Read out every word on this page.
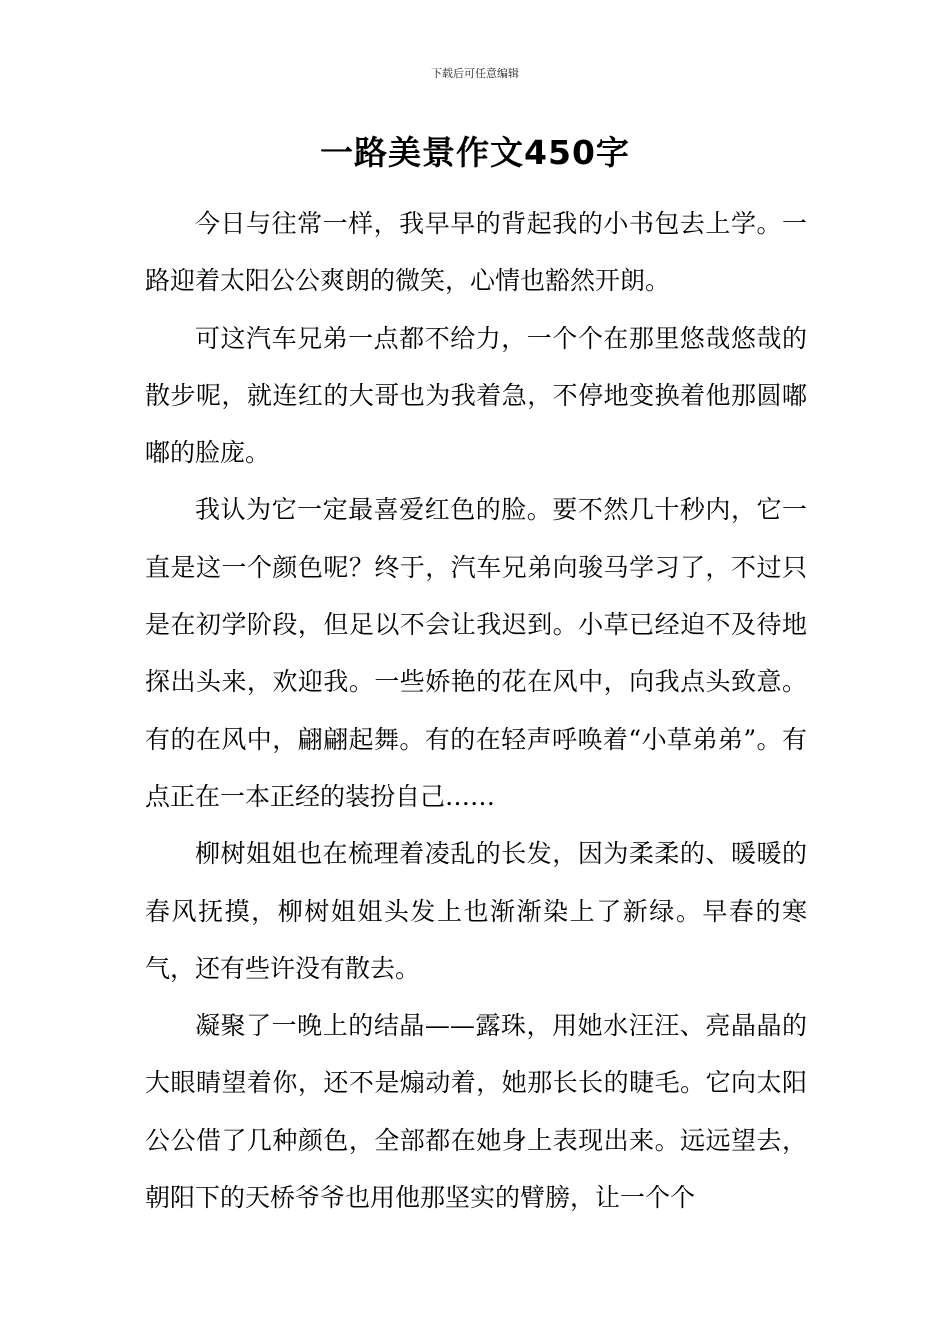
下载后可任意编辑
一路美景作文450字

今日与往常一样，我早早的背起我的小书包去上学。一路迎着太阳公公爽朗的微笑，心情也豁然开朗。

可这汽车兄弟一点都不给力，一个个在那里悠哉悠哉的散步呢，就连红的大哥也为我着急，不停地变换着他那圆嘟嘟的脸庞。

我认为它一定最喜爱红色的脸。要不然几十秒内，它一直是这一个颜色呢？终于，汽车兄弟向骏马学习了，不过只是在初学阶段，但足以不会让我迟到。小草已经迫不及待地探出头来，欢迎我。一些娇艳的花在风中，向我点头致意。有的在风中，翩翩起舞。有的在轻声呼唤着“小草弟弟”。有点正在一本正经的装扮自己……

柳树姐姐也在梳理着凌乱的长发，因为柔柔的、暖暖的春风抚摸，柳树姐姐头发上也渐渐染上了新绿。早春的寒气，还有些许没有散去。

凝聚了一晚上的结晶——露珠，用她水汪汪、亮晶晶的大眼睛望着你，还不是煽动着，她那长长的睫毛。它向太阳公公借了几种颜色，全部都在她身上表现出来。远远望去，朝阳下的天桥爷爷也用他那坚实的臂膀，让一个个
